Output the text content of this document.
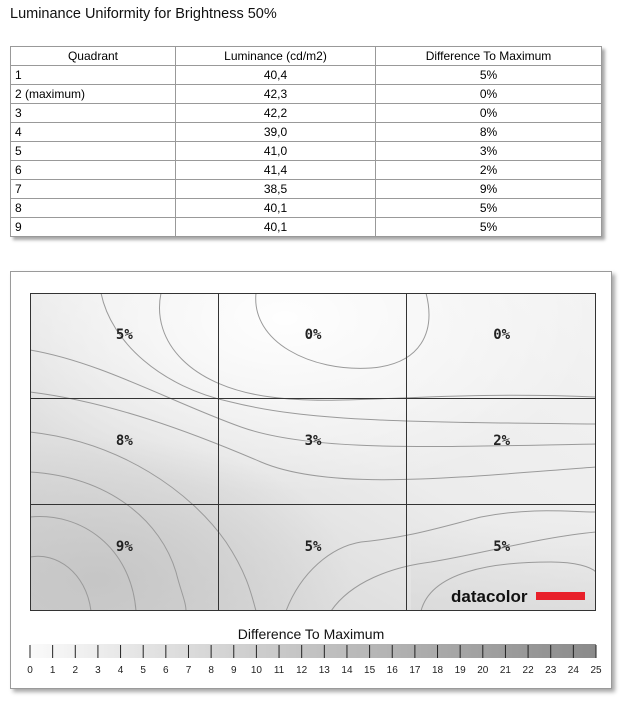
Luminance Uniformity for Brightness 50%
Quadrant	Luminance (cd/m2)	Difference To Maximum
1	40,4	5%
2 (maximum)	42,3	0%
3	42,2	0%
4	39,0	8%
5	41,0	3%
6	41,4	2%
7	38,5	9%
8	40,1	5%
9	40,1	5%
5%	0%	0%
8%	3%	2%
9%	5%	5%
datacolor
0 1 2 3 4 5 6 7 8 9 10 11 12 13 14 15 16 17 18 19 20 21 22 23 24 25
Difference To Maximum
